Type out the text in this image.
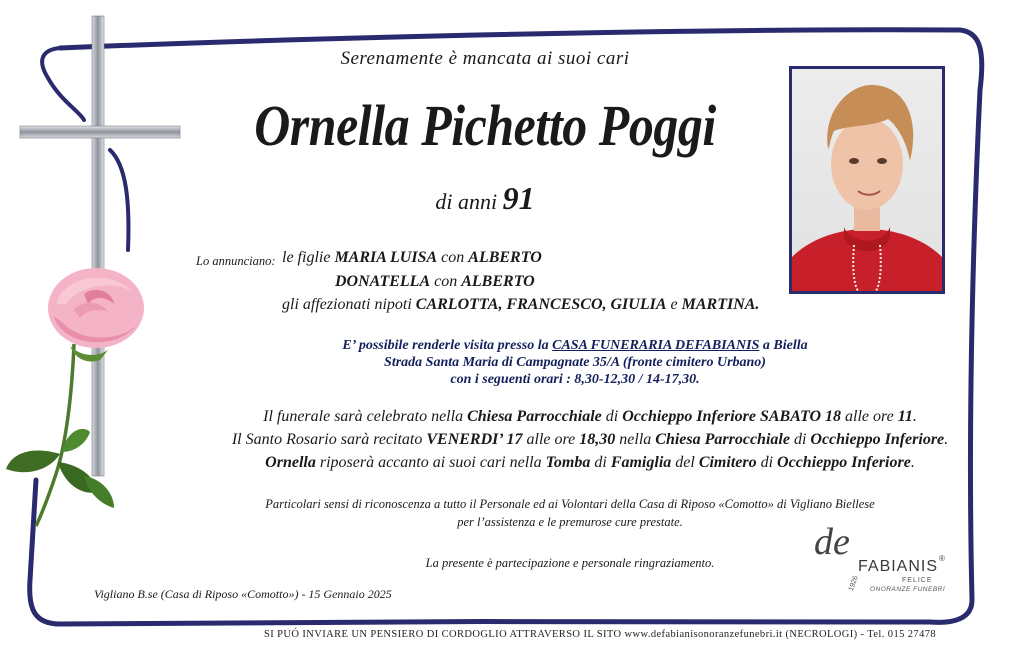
Serenamente è mancata ai suoi cari
Ornella Pichetto Poggi
di anni 91
Lo annunciano: le figlie MARIA LUISA con ALBERTO
DONATELLA con ALBERTO
gli affezionati nipoti CARLOTTA, FRANCESCO, GIULIA e MARTINA.
E’ possibile renderle visita presso la CASA FUNERARIA DEFABIANIS a Biella
Strada Santa Maria di Campagnate 35/A (fronte cimitero Urbano)
con i seguenti orari : 8,30-12,30 / 14-17,30.
Il funerale sarà celebrato nella Chiesa Parrocchiale di Occhieppo Inferiore SABATO 18 alle ore 11.
Il Santo Rosario sarà recitato VENERDI’ 17 alle ore 18,30 nella Chiesa Parrocchiale di Occhieppo Inferiore.
Ornella riposerà accanto ai suoi cari nella Tomba di Famiglia del Cimitero di Occhieppo Inferiore.
Particolari sensi di riconoscenza a tutto il Personale ed ai Volontari della Casa di Riposo «Comotto» di Vigliano Biellese
per l’assistenza e le premurose cure prestate.
La presente è partecipazione e personale ringraziamento.
Vigliano B.se (Casa di Riposo «Comotto») - 15 Gennaio 2025
de
FABIANIS ®
FELICE
ONORANZE FUNEBRI
1926
SI PUÓ INVIARE UN PENSIERO DI CORDOGLIO ATTRAVERSO IL SITO www.defabianisonoranzefunebri.it (NECROLOGI) - Tel. 015 27478
